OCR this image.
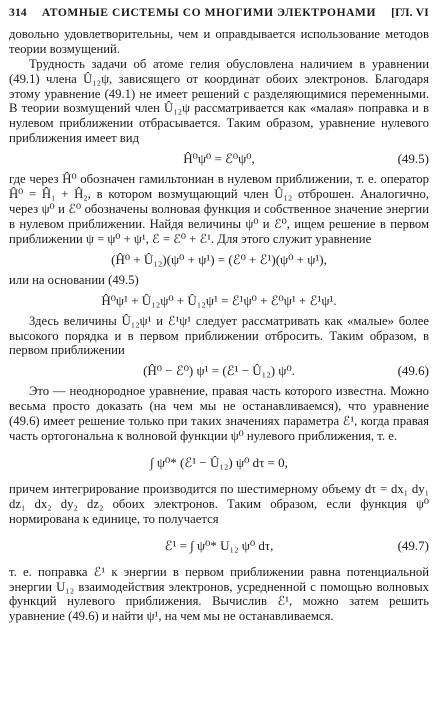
314 АТОМНЫЕ СИСТЕМЫ СО МНОГИМИ ЭЛЕКТРОНАМИ [ГЛ. VI

довольно удовлетворительны, чем и оправдывается использование методов теории возмущений.

Трудность задачи об атоме гелия обусловлена наличием в уравнении (49.1) члена Û₁₂ψ, зависящего от координат обоих электронов. Благодаря этому уравнение (49.1) не имеет решений с разделяющимися переменными. В теории возмущений член Û₁₂ψ рассматривается как «малая» поправка и в нулевом приближении отбрасывается. Таким образом, уравнение нулевого приближения имеет вид

Ĥ⁰ψ⁰ = ℰ⁰ψ⁰,	(49.5)

где через Ĥ⁰ обозначен гамильтониан в нулевом приближении, т. е. оператор Ĥ⁰ = Ĥ₁ + Ĥ₂, в котором возмущающий член Û₁₂ отброшен. Аналогично, через ψ⁰ и ℰ⁰ обозначены волновая функция и собственное значение энергии в нулевом приближении. Найдя величины ψ⁰ и ℰ⁰, ищем решение в первом приближении ψ = ψ⁰ + ψ¹, ℰ = ℰ⁰ + ℰ¹. Для этого служит уравнение

(Ĥ⁰ + Û₁₂)(ψ⁰ + ψ¹) = (ℰ⁰ + ℰ¹)(ψ⁰ + ψ¹),

или на основании (49.5)

Ĥ⁰ψ¹ + Û₁₂ψ⁰ + Û₁₂ψ¹ = ℰ¹ψ⁰ + ℰ⁰ψ¹ + ℰ¹ψ¹.

Здесь величины Û₁₂ψ¹ и ℰ¹ψ¹ следует рассматривать как «малые» более высокого порядка и в первом приближении отбросить. Таким образом, в первом приближении

(Ĥ⁰ − ℰ⁰) ψ¹ = (ℰ¹ − Û₁₂) ψ⁰.	(49.6)

Это — неоднородное уравнение, правая часть которого известна. Можно весьма просто доказать (на чем мы не останавливаемся), что уравнение (49.6) имеет решение только при таких значениях параметра ℰ¹, когда правая часть ортогональна к волновой функции ψ⁰ нулевого приближения, т. е.

∫ ψ⁰* (ℰ¹ − Û₁₂) ψ⁰ dτ = 0,

причем интегрирование производится по шестимерному объему dτ = dx₁ dy₁ dz₁ dx₂ dy₂ dz₂ обоих электронов. Таким образом, если функция ψ⁰ нормирована к единице, то получается

ℰ¹ = ∫ ψ⁰* U₁₂ ψ⁰ dτ,	(49.7)

т. е. поправка ℰ¹ к энергии в первом приближении равна потенциальной энергии U₁₂ взаимодействия электронов, усредненной с помощью волновых функций нулевого приближения. Вычислив ℰ¹, можно затем решить уравнение (49.6) и найти ψ¹, на чем мы не останавливаемся.
